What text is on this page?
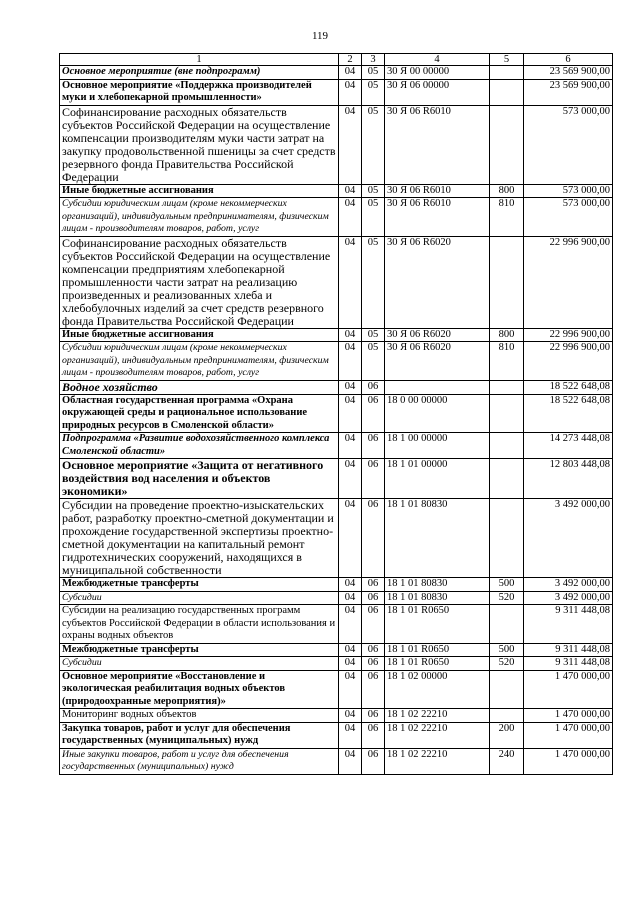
119
1	2	3	4	5	6
Основное мероприятие (вне подпрограмм)	04	05	30 Я 00 00000		23 569 900,00
Основное мероприятие «Поддержка производителей муки и хлебопекарной промышленности»	04	05	30 Я 06 00000		23 569 900,00
Софинансирование расходных обязательств субъектов Российской Федерации на осуществление компенсации производителям муки части затрат на закупку продовольственной пшеницы за счет средств резервного фонда Правительства Российской Федерации	04	05	30 Я 06 R6010		573 000,00
Иные бюджетные ассигнования	04	05	30 Я 06 R6010	800	573 000,00
Субсидии юридическим лицам (кроме некоммерческих организаций), индивидуальным предпринимателям, физическим лицам - производителям товаров, работ, услуг	04	05	30 Я 06 R6010	810	573 000,00
Софинансирование расходных обязательств субъектов Российской Федерации на осуществление компенсации предприятиям хлебопекарной промышленности части затрат на реализацию произведенных и реализованных хлеба и хлебобулочных изделий за счет средств резервного фонда Правительства Российской Федерации	04	05	30 Я 06 R6020		22 996 900,00
Иные бюджетные ассигнования	04	05	30 Я 06 R6020	800	22 996 900,00
Субсидии юридическим лицам (кроме некоммерческих организаций), индивидуальным предпринимателям, физическим лицам - производителям товаров, работ, услуг	04	05	30 Я 06 R6020	810	22 996 900,00
Водное хозяйство	04	06			18 522 648,08
Областная государственная программа «Охрана окружающей среды и рациональное использование природных ресурсов в Смоленской области»	04	06	18 0 00 00000		18 522 648,08
Подпрограмма «Развитие водохозяйственного комплекса Смоленской области»	04	06	18 1 00 00000		14 273 448,08
Основное мероприятие «Защита от негативного воздействия вод населения и объектов экономики»	04	06	18 1 01 00000		12 803 448,08
Субсидии на проведение проектно-изыскательских работ, разработку проектно-сметной документации и прохождение государственной экспертизы проектно-сметной документации на капитальный ремонт гидротехнических сооружений, находящихся в муниципальной собственности	04	06	18 1 01 80830		3 492 000,00
Межбюджетные трансферты	04	06	18 1 01 80830	500	3 492 000,00
Субсидии	04	06	18 1 01 80830	520	3 492 000,00
Субсидии на реализацию государственных программ субъектов Российской Федерации в области использования и охраны водных объектов	04	06	18 1 01 R0650		9 311 448,08
Межбюджетные трансферты	04	06	18 1 01 R0650	500	9 311 448,08
Субсидии	04	06	18 1 01 R0650	520	9 311 448,08
Основное мероприятие «Восстановление и экологическая реабилитация водных объектов (природоохранные мероприятия)»	04	06	18 1 02 00000		1 470 000,00
Мониторинг водных объектов	04	06	18 1 02 22210		1 470 000,00
Закупка товаров, работ и услуг для обеспечения государственных (муниципальных) нужд	04	06	18 1 02 22210	200	1 470 000,00
Иные закупки товаров, работ и услуг для обеспечения государственных (муниципальных) нужд	04	06	18 1 02 22210	240	1 470 000,00
